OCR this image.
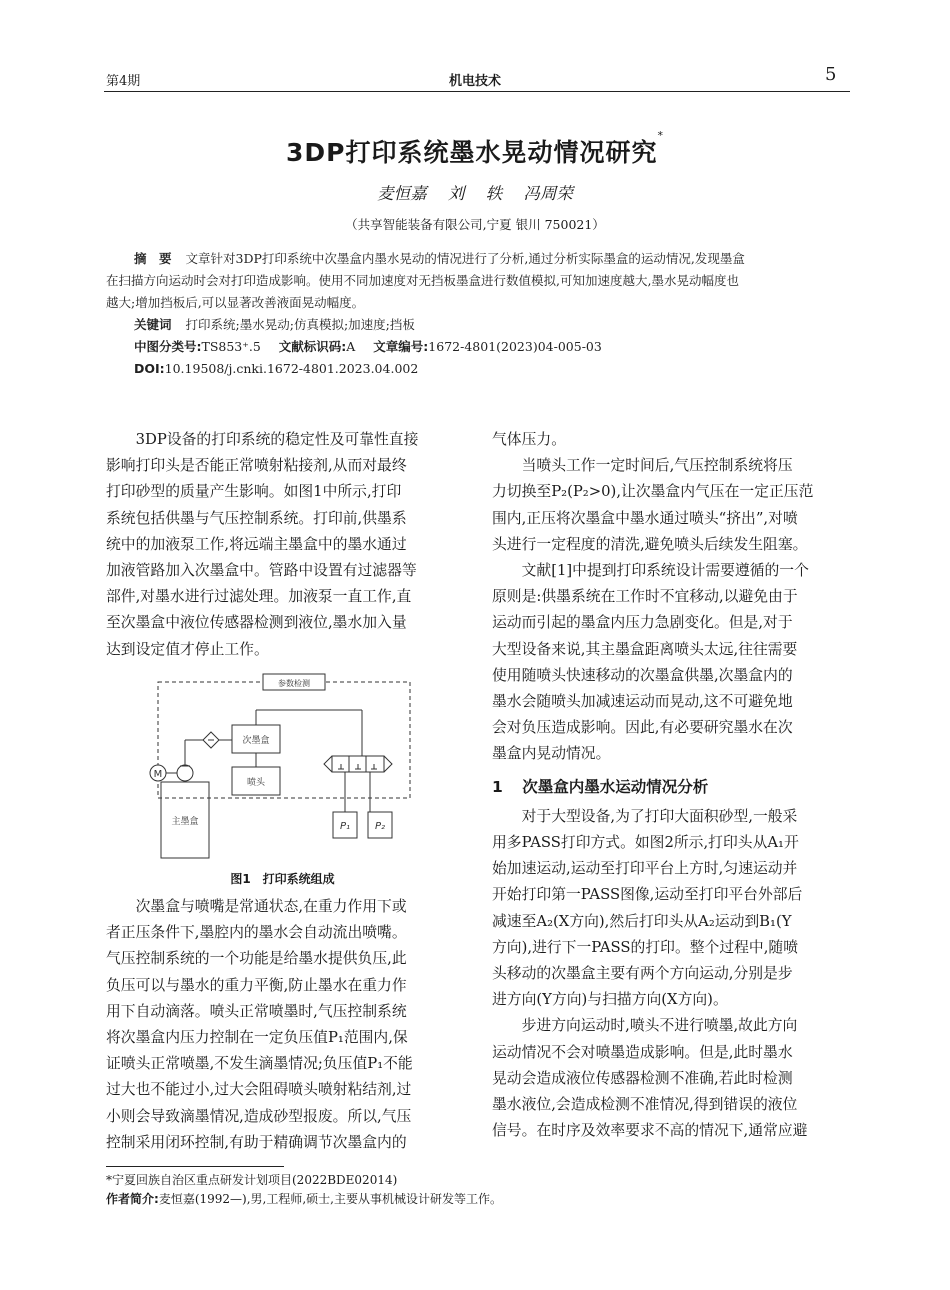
第4期	机电技术	5
3DP打印系统墨水晃动情况研究*
麦恒嘉 刘 轶 冯周荣
（共享智能装备有限公司,宁夏 银川 750021）
摘　要 文章针对3DP打印系统中次墨盒内墨水晃动的情况进行了分析,通过分析实际墨盒的运动情况,发现墨盒
在扫描方向运动时会对打印造成影响。使用不同加速度对无挡板墨盒进行数值模拟,可知加速度越大,墨水晃动幅度也
越大;增加挡板后,可以显著改善液面晃动幅度。
关键词 打印系统;墨水晃动;仿真模拟;加速度;挡板
中图分类号:TS853⁺.5 文献标识码:A 文章编号:1672-4801(2023)04-005-03
DOI:10.19508/j.cnki.1672-4801.2023.04.002
3DP设备的打印系统的稳定性及可靠性直接
影响打印头是否能正常喷射粘接剂,从而对最终
打印砂型的质量产生影响。如图1中所示,打印
系统包括供墨与气压控制系统。打印前,供墨系
统中的加液泵工作,将远端主墨盒中的墨水通过
加液管路加入次墨盒中。管路中设置有过滤器等
部件,对墨水进行过滤处理。加液泵一直工作,直
至次墨盒中液位传感器检测到液位,墨水加入量
达到设定值才停止工作。
参数检测
次墨盒
喷头
主墨盒
M
P₁ P₂
图1　打印系统组成
次墨盒与喷嘴是常通状态,在重力作用下或
者正压条件下,墨腔内的墨水会自动流出喷嘴。
气压控制系统的一个功能是给墨水提供负压,此
负压可以与墨水的重力平衡,防止墨水在重力作
用下自动滴落。喷头正常喷墨时,气压控制系统
将次墨盒内压力控制在一定负压值P₁范围内,保
证喷头正常喷墨,不发生滴墨情况;负压值P₁不能
过大也不能过小,过大会阻碍喷头喷射粘结剂,过
小则会导致滴墨情况,造成砂型报废。所以,气压
控制采用闭环控制,有助于精确调节次墨盒内的
气体压力。
当喷头工作一定时间后,气压控制系统将压
力切换至P₂(P₂>0),让次墨盒内气压在一定正压范
围内,正压将次墨盒中墨水通过喷头“挤出”,对喷
头进行一定程度的清洗,避免喷头后续发生阻塞。
文献[1]中提到打印系统设计需要遵循的一个
原则是:供墨系统在工作时不宜移动,以避免由于
运动而引起的墨盒内压力急剧变化。但是,对于
大型设备来说,其主墨盒距离喷头太远,往往需要
使用随喷头快速移动的次墨盒供墨,次墨盒内的
墨水会随喷头加减速运动而晃动,这不可避免地
会对负压造成影响。因此,有必要研究墨水在次
墨盒内晃动情况。
1 次墨盒内墨水运动情况分析
对于大型设备,为了打印大面积砂型,一般采
用多PASS打印方式。如图2所示,打印头从A₁开
始加速运动,运动至打印平台上方时,匀速运动并
开始打印第一PASS图像,运动至打印平台外部后
减速至A₂(X方向),然后打印头从A₂运动到B₁(Y
方向),进行下一PASS的打印。整个过程中,随喷
头移动的次墨盒主要有两个方向运动,分别是步
进方向(Y方向)与扫描方向(X方向)。
步进方向运动时,喷头不进行喷墨,故此方向
运动情况不会对喷墨造成影响。但是,此时墨水
晃动会造成液位传感器检测不准确,若此时检测
墨水液位,会造成检测不准情况,得到错误的液位
信号。在时序及效率要求不高的情况下,通常应避
*宁夏回族自治区重点研发计划项目(2022BDE02014)
作者简介:麦恒嘉(1992—),男,工程师,硕士,主要从事机械设计研发等工作。
